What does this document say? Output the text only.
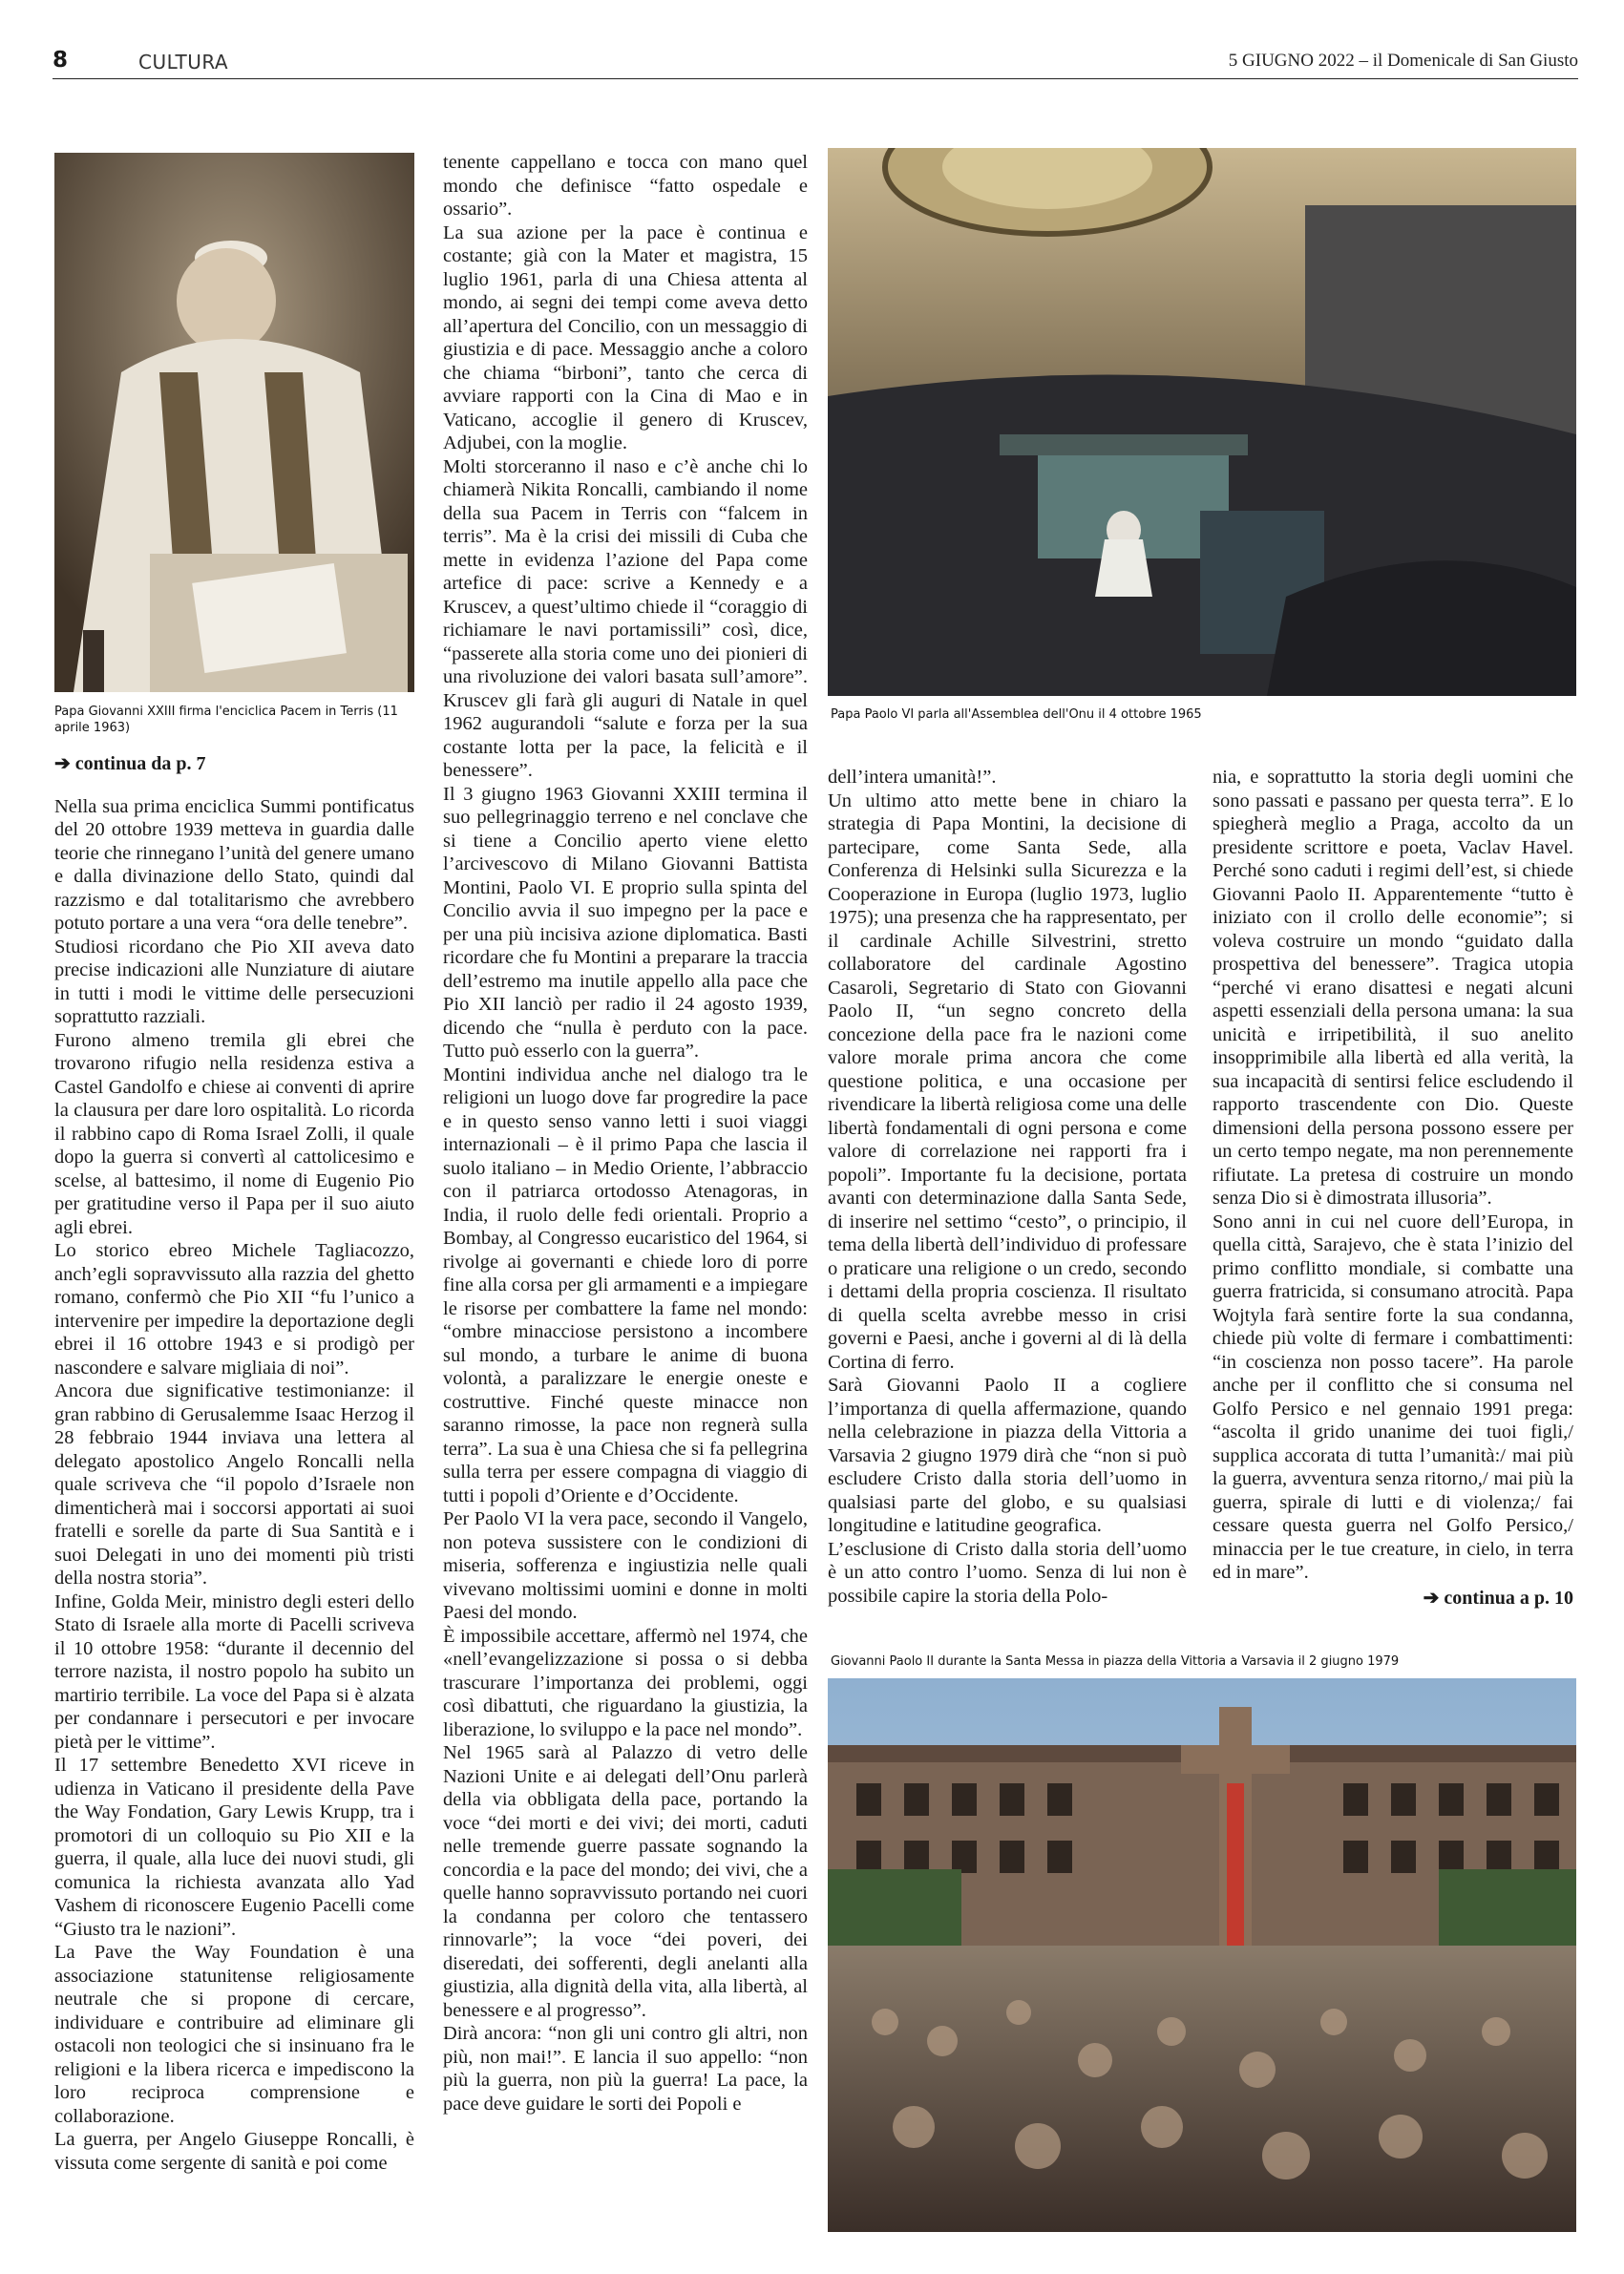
8	CULTURA	5 GIUGNO 2022 – il Domenicale di San Giusto
Papa Giovanni XXIII firma l'enciclica Pacem in Terris (11 aprile 1963)
Papa Paolo VI parla all'Assemblea dell'Onu il 4 ottobre 1965

➔ continua da p. 7

Nella sua prima enciclica Summi pontificatus del 20 ottobre 1939 metteva in guardia dalle teorie che rinnegano l’unità del genere umano e dalla divinazione dello Stato, quindi dal razzismo e dal totalitarismo che avrebbero potuto portare a una vera “ora delle tenebre”.

Studiosi ricordano che Pio XII aveva dato precise indicazioni alle Nunziature di aiutare in tutti i modi le vittime delle persecuzioni soprattutto razziali.

Furono almeno tremila gli ebrei che trovarono rifugio nella residenza estiva a Castel Gandolfo e chiese ai conventi di aprire la clausura per dare loro ospitalità. Lo ricorda il rabbino capo di Roma Israel Zolli, il quale dopo la guerra si convertì al cattolicesimo e scelse, al battesimo, il nome di Eugenio Pio per gratitudine verso il Papa per il suo aiuto agli ebrei.

Lo storico ebreo Michele Tagliacozzo, anch’egli sopravvissuto alla razzia del ghetto romano, confermò che Pio XII “fu l’unico a intervenire per impedire la deportazione degli ebrei il 16 ottobre 1943 e si prodigò per nascondere e salvare migliaia di noi”.

Ancora due significative testimonianze: il gran rabbino di Gerusalemme Isaac Herzog il 28 febbraio 1944 inviava una lettera al delegato apostolico Angelo Roncalli nella quale scriveva che “il popolo d’Israele non dimenticherà mai i soccorsi apportati ai suoi fratelli e sorelle da parte di Sua Santità e i suoi Delegati in uno dei momenti più tristi della nostra storia”.

Infine, Golda Meir, ministro degli esteri dello Stato di Israele alla morte di Pacelli scriveva il 10 ottobre 1958: “durante il decennio del terrore nazista, il nostro popolo ha subito un martirio terribile. La voce del Papa si è alzata per condannare i persecutori e per invocare pietà per le vittime”.

Il 17 settembre Benedetto XVI riceve in udienza in Vaticano il presidente della Pave the Way Fondation, Gary Lewis Krupp, tra i promotori di un colloquio su Pio XII e la guerra, il quale, alla luce dei nuovi studi, gli comunica la richiesta avanzata allo Yad Vashem di riconoscere Eugenio Pacelli come “Giusto tra le nazioni”.

La Pave the Way Foundation è una associazione statunitense religiosamente neutrale che si propone di cercare, individuare e contribuire ad eliminare gli ostacoli non teologici che si insinuano fra le religioni e la libera ricerca e impediscono la loro reciproca comprensione e collaborazione.

La guerra, per Angelo Giuseppe Roncalli, è vissuta come sergente di sanità e poi come

tenente cappellano e tocca con mano quel mondo che definisce “fatto ospedale e ossario”.

La sua azione per la pace è continua e costante; già con la Mater et magistra, 15 luglio 1961, parla di una Chiesa attenta al mondo, ai segni dei tempi come aveva detto all’apertura del Concilio, con un messaggio di giustizia e di pace. Messaggio anche a coloro che chiama “birboni”, tanto che cerca di avviare rapporti con la Cina di Mao e in Vaticano, accoglie il genero di Kruscev, Adjubei, con la moglie.

Molti storceranno il naso e c’è anche chi lo chiamerà Nikita Roncalli, cambiando il nome della sua Pacem in Terris con “falcem in terris”. Ma è la crisi dei missili di Cuba che mette in evidenza l’azione del Papa come artefice di pace: scrive a Kennedy e a Kruscev, a quest’ultimo chiede il “coraggio di richiamare le navi portamissili” così, dice, “passerete alla storia come uno dei pionieri di una rivoluzione dei valori basata sull’amore”. Kruscev gli farà gli auguri di Natale in quel 1962 augurandoli “salute e forza per la sua costante lotta per la pace, la felicità e il benessere”.

Il 3 giugno 1963 Giovanni XXIII termina il suo pellegrinaggio terreno e nel conclave che si tiene a Concilio aperto viene eletto l’arcivescovo di Milano Giovanni Battista Montini, Paolo VI. E proprio sulla spinta del Concilio avvia il suo impegno per la pace e per una più incisiva azione diplomatica. Basti ricordare che fu Montini a preparare la traccia dell’estremo ma inutile appello alla pace che Pio XII lanciò per radio il 24 agosto 1939, dicendo che “nulla è perduto con la pace. Tutto può esserlo con la guerra”.

Montini individua anche nel dialogo tra le religioni un luogo dove far progredire la pace e in questo senso vanno letti i suoi viaggi internazionali – è il primo Papa che lascia il suolo italiano – in Medio Oriente, l’abbraccio con il patriarca ortodosso Atenagoras, in India, il ruolo delle fedi orientali. Proprio a Bombay, al Congresso eucaristico del 1964, si rivolge ai governanti e chiede loro di porre fine alla corsa per gli armamenti e a impiegare le risorse per combattere la fame nel mondo: “ombre minacciose persistono a incombere sul mondo, a turbare le anime di buona volontà, a paralizzare le energie oneste e costruttive. Finché queste minacce non saranno rimosse, la pace non regnerà sulla terra”. La sua è una Chiesa che si fa pellegrina sulla terra per essere compagna di viaggio di tutti i popoli d’Oriente e d’Occidente.

Per Paolo VI la vera pace, secondo il Vangelo, non poteva sussistere con le condizioni di miseria, sofferenza e ingiustizia nelle quali vivevano moltissimi uomini e donne in molti Paesi del mondo.

È impossibile accettare, affermò nel 1974, che «nell’evangelizzazione si possa o si debba trascurare l’importanza dei problemi, oggi così dibattuti, che riguardano la giustizia, la liberazione, lo sviluppo e la pace nel mondo”.

Nel 1965 sarà al Palazzo di vetro delle Nazioni Unite e ai delegati dell’Onu parlerà della via obbligata della pace, portando la voce “dei morti e dei vivi; dei morti, caduti nelle tremende guerre passate sognando la concordia e la pace del mondo; dei vivi, che a quelle hanno sopravvissuto portando nei cuori la condanna per coloro che tentassero rinnovarle”; la voce “dei poveri, dei diseredati, dei sofferenti, degli anelanti alla giustizia, alla dignità della vita, alla libertà, al benessere e al progresso”.

Dirà ancora: “non gli uni contro gli altri, non più, non mai!”. E lancia il suo appello: “non più la guerra, non più la guerra! La pace, la pace deve guidare le sorti dei Popoli e

dell’intera umanità!”.

Un ultimo atto mette bene in chiaro la strategia di Papa Montini, la decisione di partecipare, come Santa Sede, alla Conferenza di Helsinki sulla Sicurezza e la Cooperazione in Europa (luglio 1973, luglio 1975); una presenza che ha rappresentato, per il cardinale Achille Silvestrini, stretto collaboratore del cardinale Agostino Casaroli, Segretario di Stato con Giovanni Paolo II, “un segno concreto della concezione della pace fra le nazioni come valore morale prima ancora che come questione politica, e una occasione per rivendicare la libertà religiosa come una delle libertà fondamentali di ogni persona e come valore di correlazione nei rapporti fra i popoli”. Importante fu la decisione, portata avanti con determinazione dalla Santa Sede, di inserire nel settimo “cesto”, o principio, il tema della libertà dell’individuo di professare o praticare una religione o un credo, secondo i dettami della propria coscienza. Il risultato di quella scelta avrebbe messo in crisi governi e Paesi, anche i governi al di là della Cortina di ferro.

Sarà Giovanni Paolo II a cogliere l’importanza di quella affermazione, quando nella celebrazione in piazza della Vittoria a Varsavia 2 giugno 1979 dirà che “non si può escludere Cristo dalla storia dell’uomo in qualsiasi parte del globo, e su qualsiasi longitudine e latitudine geografica.

L’esclusione di Cristo dalla storia dell’uomo è un atto contro l’uomo. Senza di lui non è possibile capire la storia della Polo-

nia, e soprattutto la storia degli uomini che sono passati e passano per questa terra”. E lo spiegherà meglio a Praga, accolto da un presidente scrittore e poeta, Vaclav Havel. Perché sono caduti i regimi dell’est, si chiede Giovanni Paolo II. Apparentemente “tutto è iniziato con il crollo delle economie”; si voleva costruire un mondo “guidato dalla prospettiva del benessere”. Tragica utopia “perché vi erano disattesi e negati alcuni aspetti essenziali della persona umana: la sua unicità e irripetibilità, il suo anelito insopprimibile alla libertà ed alla verità, la sua incapacità di sentirsi felice escludendo il rapporto trascendente con Dio. Queste dimensioni della persona possono essere per un certo tempo negate, ma non perennemente rifiutate. La pretesa di costruire un mondo senza Dio si è dimostrata illusoria”.

Sono anni in cui nel cuore dell’Europa, in quella città, Sarajevo, che è stata l’inizio del primo conflitto mondiale, si combatte una guerra fratricida, si consumano atrocità. Papa Wojtyla farà sentire forte la sua condanna, chiede più volte di fermare i combattimenti: “in coscienza non posso tacere”. Ha parole anche per il conflitto che si consuma nel Golfo Persico e nel gennaio 1991 prega: “ascolta il grido unanime dei tuoi figli,/ supplica accorata di tutta l’umanità:/ mai più la guerra, avventura senza ritorno,/ mai più la guerra, spirale di lutti e di violenza;/ fai cessare questa guerra nel Golfo Persico,/ minaccia per le tue creature, in cielo, in terra ed in mare”.

➔ continua a p. 10

Giovanni Paolo II durante la Santa Messa in piazza della Vittoria a Varsavia il 2 giugno 1979
